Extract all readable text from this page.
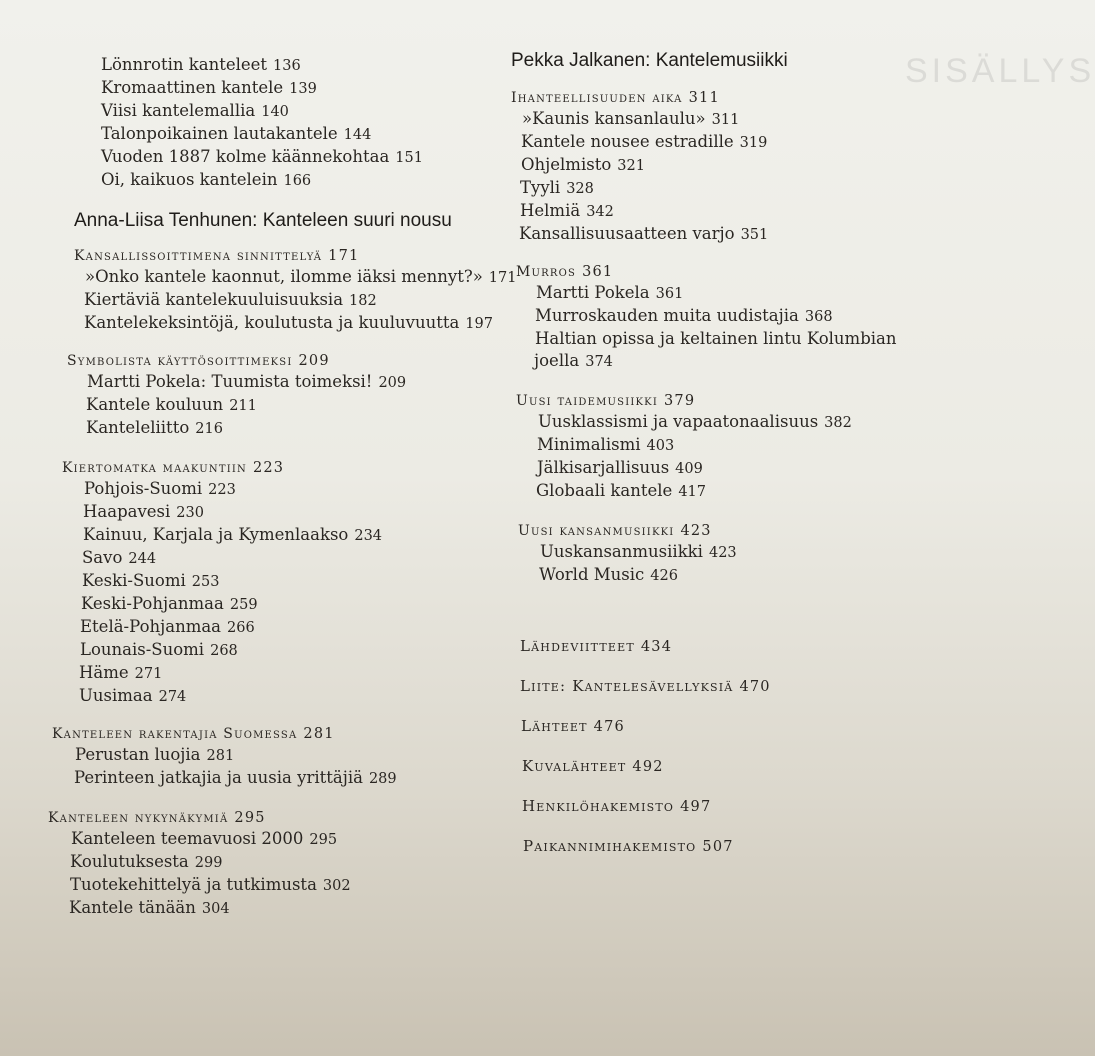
SISÄLLYS
Lönnrotin kanteleet 136
Kromaattinen kantele 139
Viisi kantelemallia 140
Talonpoikainen lautakantele 144
Vuoden 1887 kolme käännekohtaa 151
Oi, kaikuos kantelein 166
Anna-Liisa Tenhunen: Kanteleen suuri nousu
Kansallissoittimena sinnittelyä 171
»Onko kantele kaonnut, ilomme iäksi mennyt?» 171
Kiertäviä kantelekuuluisuuksia 182
Kantelekeksintöjä, koulutusta ja kuuluvuutta 197
Symbolista käyttösoittimeksi 209
Martti Pokela: Tuumista toimeksi! 209
Kantele kouluun 211
Kanteleliitto 216
Kiertomatka maakuntiin 223
Pohjois-Suomi 223
Haapavesi 230
Kainuu, Karjala ja Kymenlaakso 234
Savo 244
Keski-Suomi 253
Keski-Pohjanmaa 259
Etelä-Pohjanmaa 266
Lounais-Suomi 268
Häme 271
Uusimaa 274
Kanteleen rakentajia Suomessa 281
Perustan luojia 281
Perinteen jatkajia ja uusia yrittäjiä 289
Kanteleen nykynäkymiä 295
Kanteleen teemavuosi 2000 295
Koulutuksesta 299
Tuotekehittelyä ja tutkimusta 302
Kantele tänään 304
Pekka Jalkanen: Kantelemusiikki
Ihanteellisuuden aika 311
»Kaunis kansanlaulu» 311
Kantele nousee estradille 319
Ohjelmisto 321
Tyyli 328
Helmiä 342
Kansallisuusaatteen varjo 351
Murros 361
Martti Pokela 361
Murroskauden muita uudistajia 368
Haltian opissa ja keltainen lintu Kolumbian
joella 374
Uusi taidemusiikki 379
Uusklassismi ja vapaatonaalisuus 382
Minimalismi 403
Jälkisarjallisuus 409
Globaali kantele 417
Uusi kansanmusiikki 423
Uuskansanmusiikki 423
World Music 426
Lähdeviitteet 434
Liite: Kantelesävellyksiä 470
Lähteet 476
Kuvalähteet 492
Henkilöhakemisto 497
Paikannimihakemisto 507
